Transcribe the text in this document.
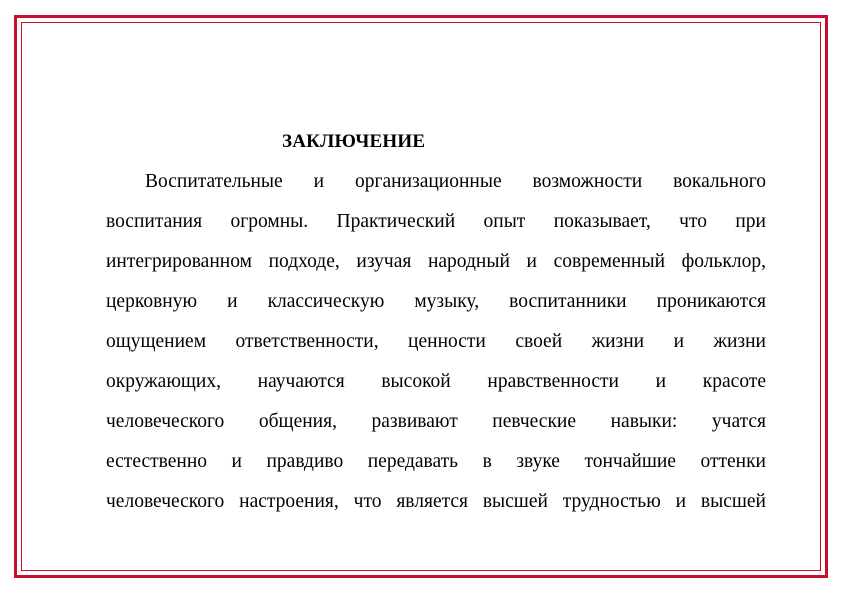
ЗАКЛЮЧЕНИЕ
Воспитательные и организационные возможности вокального
воспитания огромны. Практический опыт показывает, что при
интегрированном подходе, изучая народный и современный фольклор,
церковную и классическую музыку, воспитанники проникаются
ощущением ответственности, ценности своей жизни и жизни
окружающих, научаются высокой нравственности и красоте
человеческого общения, развивают певческие навыки: учатся
естественно и правдиво передавать в звуке тончайшие оттенки
человеческого настроения, что является высшей трудностью и высшей
